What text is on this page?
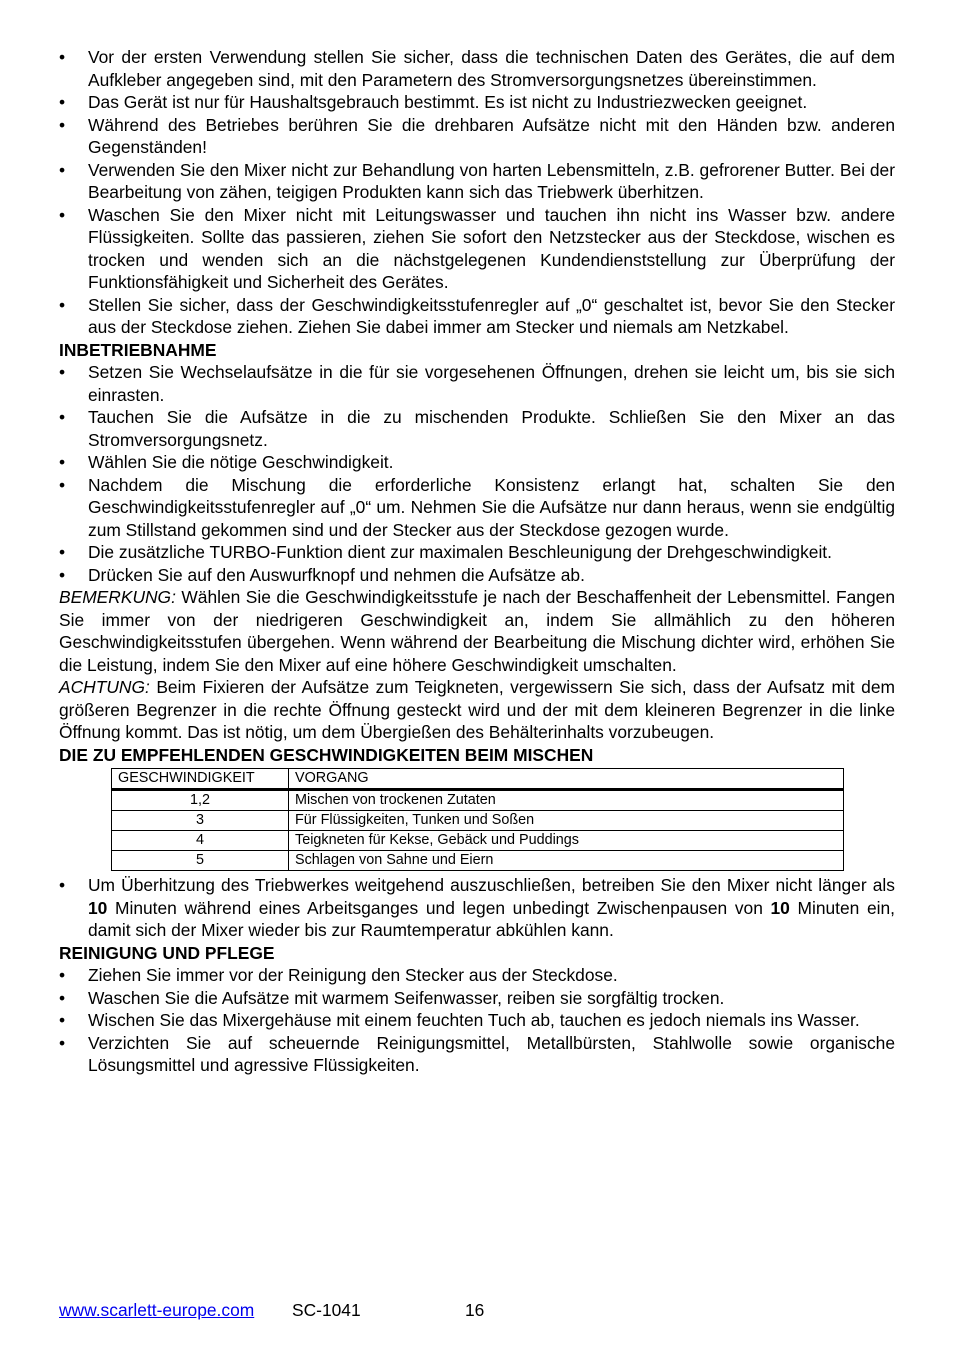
• Vor der ersten Verwendung stellen Sie sicher, dass die technischen Daten des Gerätes, die auf dem Aufkleber angegeben sind, mit den Parametern des Stromversorgungsnetzes übereinstimmen.
• Das Gerät ist nur für Haushaltsgebrauch bestimmt. Es ist nicht zu Industriezwecken geeignet.
• Während des Betriebes berühren Sie die drehbaren Aufsätze nicht mit den Händen bzw. anderen Gegenständen!
• Verwenden Sie den Mixer nicht zur Behandlung von harten Lebensmitteln, z.B. gefrorener Butter. Bei der Bearbeitung von zähen, teigigen Produkten kann sich das Triebwerk überhitzen.
• Waschen Sie den Mixer nicht mit Leitungswasser und tauchen ihn nicht ins Wasser bzw. andere Flüssigkeiten. Sollte das passieren, ziehen Sie sofort den Netzstecker aus der Steckdose, wischen es trocken und wenden sich an die nächstgelegenen Kundendienststellung zur Überprüfung der Funktionsfähigkeit und Sicherheit des Gerätes.
• Stellen Sie sicher, dass der Geschwindigkeitsstufenregler auf „0“ geschaltet ist, bevor Sie den Stecker aus der Steckdose ziehen. Ziehen Sie dabei immer am Stecker und niemals am Netzkabel.
INBETRIEBNAHME
• Setzen Sie Wechselaufsätze in die für sie vorgesehenen Öffnungen, drehen sie leicht um, bis sie sich einrasten.
• Tauchen Sie die Aufsätze in die zu mischenden Produkte. Schließen Sie den Mixer an das Stromversorgungsnetz.
• Wählen Sie die nötige Geschwindigkeit.
• Nachdem die Mischung die erforderliche Konsistenz erlangt hat, schalten Sie den Geschwindigkeitsstufenregler auf „0“ um. Nehmen Sie die Aufsätze nur dann heraus, wenn sie endgültig zum Stillstand gekommen sind und der Stecker aus der Steckdose gezogen wurde.
• Die zusätzliche TURBO-Funktion dient zur maximalen Beschleunigung der Drehgeschwindigkeit.
• Drücken Sie auf den Auswurfknopf und nehmen die Aufsätze ab.

BEMERKUNG: Wählen Sie die Geschwindigkeitsstufe je nach der Beschaffenheit der Lebensmittel. Fangen Sie immer von der niedrigeren Geschwindigkeit an, indem Sie allmählich zu den höheren Geschwindigkeitsstufen übergehen. Wenn während der Bearbeitung die Mischung dichter wird, erhöhen Sie die Leistung, indem Sie den Mixer auf eine höhere Geschwindigkeit umschalten.

ACHTUNG: Beim Fixieren der Aufsätze zum Teigkneten, vergewissern Sie sich, dass der Aufsatz mit dem größeren Begrenzer in die rechte Öffnung gesteckt wird und der mit dem kleineren Begrenzer in die linke Öffnung kommt. Das ist nötig, um dem Übergießen des Behälterinhalts vorzubeugen.

DIE ZU EMPFEHLENDEN GESCHWINDIGKEITEN BEIM MISCHEN
GESCHWINDIGKEIT	VORGANG
1,2	Mischen von trockenen Zutaten
3	Für Flüssigkeiten, Tunken und Soßen
4	Teigkneten für Kekse, Gebäck und Puddings
5	Schlagen von Sahne und Eiern
• Um Überhitzung des Triebwerkes weitgehend auszuschließen, betreiben Sie den Mixer nicht länger als 10 Minuten während eines Arbeitsganges und legen unbedingt Zwischenpausen von 10 Minuten ein, damit sich der Mixer wieder bis zur Raumtemperatur abkühlen kann.
REINIGUNG UND PFLEGE
• Ziehen Sie immer vor der Reinigung den Stecker aus der Steckdose.
• Waschen Sie die Aufsätze mit warmem Seifenwasser, reiben sie sorgfältig trocken.
• Wischen Sie das Mixergehäuse mit einem feuchten Tuch ab, tauchen es jedoch niemals ins Wasser.
• Verzichten Sie auf scheuernde Reinigungsmittel, Metallbürsten, Stahlwolle sowie organische Lösungsmittel und agressive Flüssigkeiten.
www.scarlett-europe.com SC-1041	16
